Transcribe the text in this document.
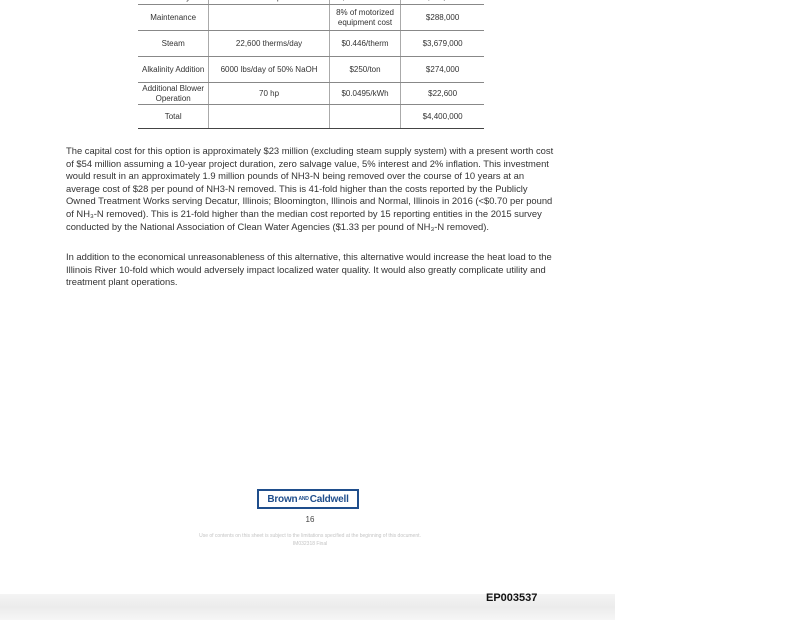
Maintenance		8% of motorized equipment cost	$288,000
Steam	22,600 therms/day	$0.446/therm	$3,679,000
Alkalinity Addition	6000 lbs/day of 50% NaOH	$250/ton	$274,000
Additional Blower Operation	70 hp	$0.0495/kWh	$22,600
Total			$4,400,000

The capital cost for this option is approximately $23 million (excluding steam supply system) with a present worth cost of $54 million assuming a 10-year project duration, zero salvage value, 5% interest and 2% inflation. This investment would result in an approximately 1.9 million pounds of NH3-N being removed over the course of 10 years at an average cost of $28 per pound of NH3-N removed. This is 41-fold higher than the costs reported by the Publicly Owned Treatment Works serving Decatur, Illinois; Bloomington, Illinois and Normal, Illinois in 2016 (<$0.70 per pound of NH₃-N removed). This is 21-fold higher than the median cost reported by 15 reporting entities in the 2015 survey conducted by the National Association of Clean Water Agencies ($1.33 per pound of NH₃-N removed).

In addition to the economical unreasonableness of this alternative, this alternative would increase the heat load to the Illinois River 10-fold which would adversely impact localized water quality. It would also greatly complicate utility and treatment plant operations.

Brown AND Caldwell
16
Use of contents on this sheet is subject to the limitations specified at the beginning of this document.
IM032318 Final
EP003537
